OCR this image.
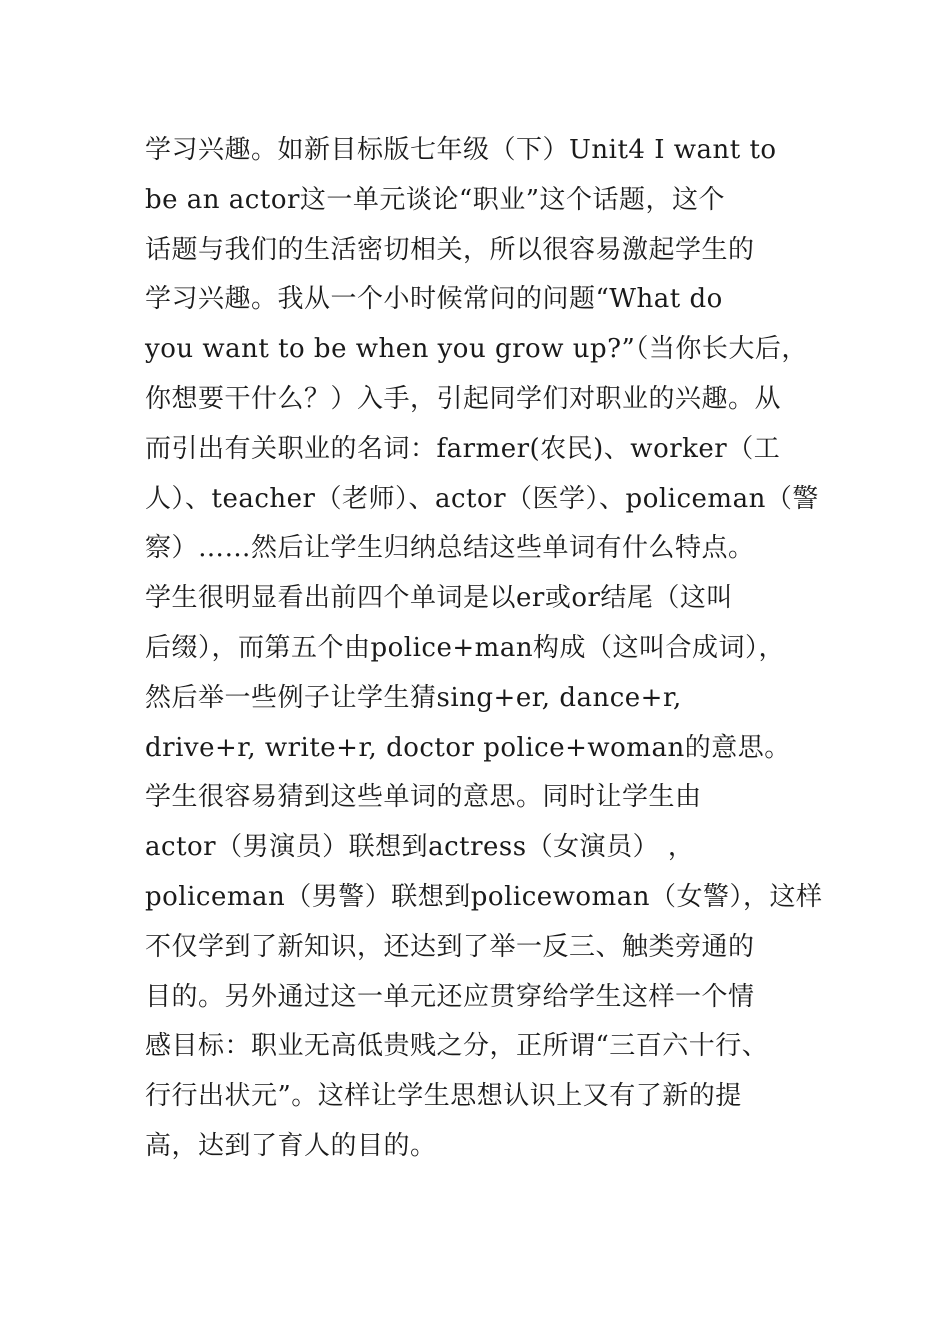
学习兴趣。如新目标版七年级（下）Unit4 I want to
be an actor这一单元谈论“职业”这个话题，这个
话题与我们的生活密切相关，所以很容易激起学生的
学习兴趣。我从一个小时候常问的问题“What do
you want to be when you grow up?”（当你长大后，
你想要干什么？）入手，引起同学们对职业的兴趣。从
而引出有关职业的名词：farmer(农民)、worker（工
人）、teacher（老师）、actor（医学）、policeman（警
察）……然后让学生归纳总结这些单词有什么特点。
学生很明显看出前四个单词是以er或or结尾（这叫
后缀），而第五个由police+man构成（这叫合成词），
然后举一些例子让学生猜sing+er, dance+r,
drive+r, write+r, doctor police+woman的意思。
学生很容易猜到这些单词的意思。同时让学生由
actor（男演员）联想到actress（女演员） ，
policeman（男警）联想到policewoman（女警），这样
不仅学到了新知识，还达到了举一反三、触类旁通的
目的。另外通过这一单元还应贯穿给学生这样一个情
感目标：职业无高低贵贱之分，正所谓“三百六十行、
行行出状元”。这样让学生思想认识上又有了新的提
高，达到了育人的目的。
